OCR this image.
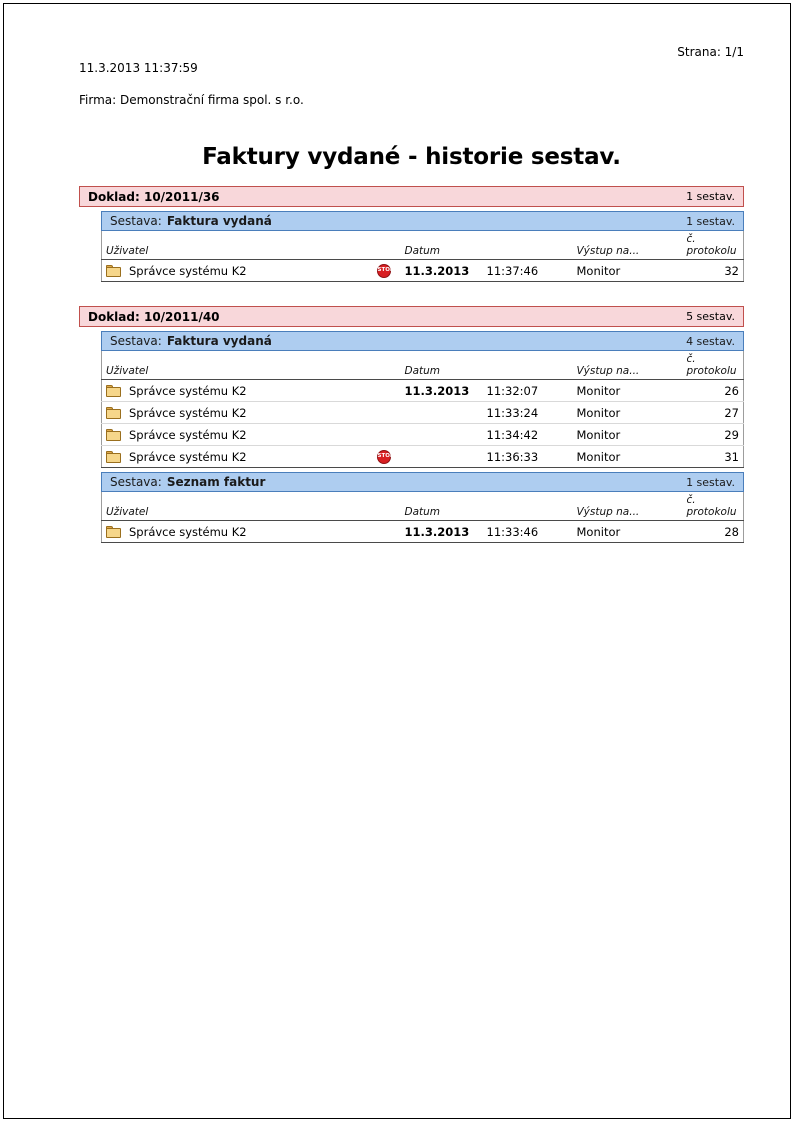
11.3.2013 11:37:59

Firma: Demonstrační firma spol. s r.o.

Strana: 1/1
Faktury vydané - historie sestav.
Doklad: 10/2011/36	1 sestav.
Sestava: Faktura vydaná	1 sestav.
Uživatel		Datum		Výstup na...	č. protokolu

Správce systému K2	STOP	11.3.2013	11:37:46	Monitor	32
Doklad: 10/2011/40	5 sestav.
Sestava: Faktura vydaná	4 sestav.
Uživatel		Datum		Výstup na...	č. protokolu

Správce systému K2		11.3.2013	11:32:07	Monitor	26

Správce systému K2			11:33:24	Monitor	27

Správce systému K2			11:34:42	Monitor	29

Správce systému K2	STOP		11:36:33	Monitor	31
Sestava: Seznam faktur	1 sestav.
Uživatel		Datum		Výstup na...	č. protokolu

Správce systému K2		11.3.2013	11:33:46	Monitor	28
